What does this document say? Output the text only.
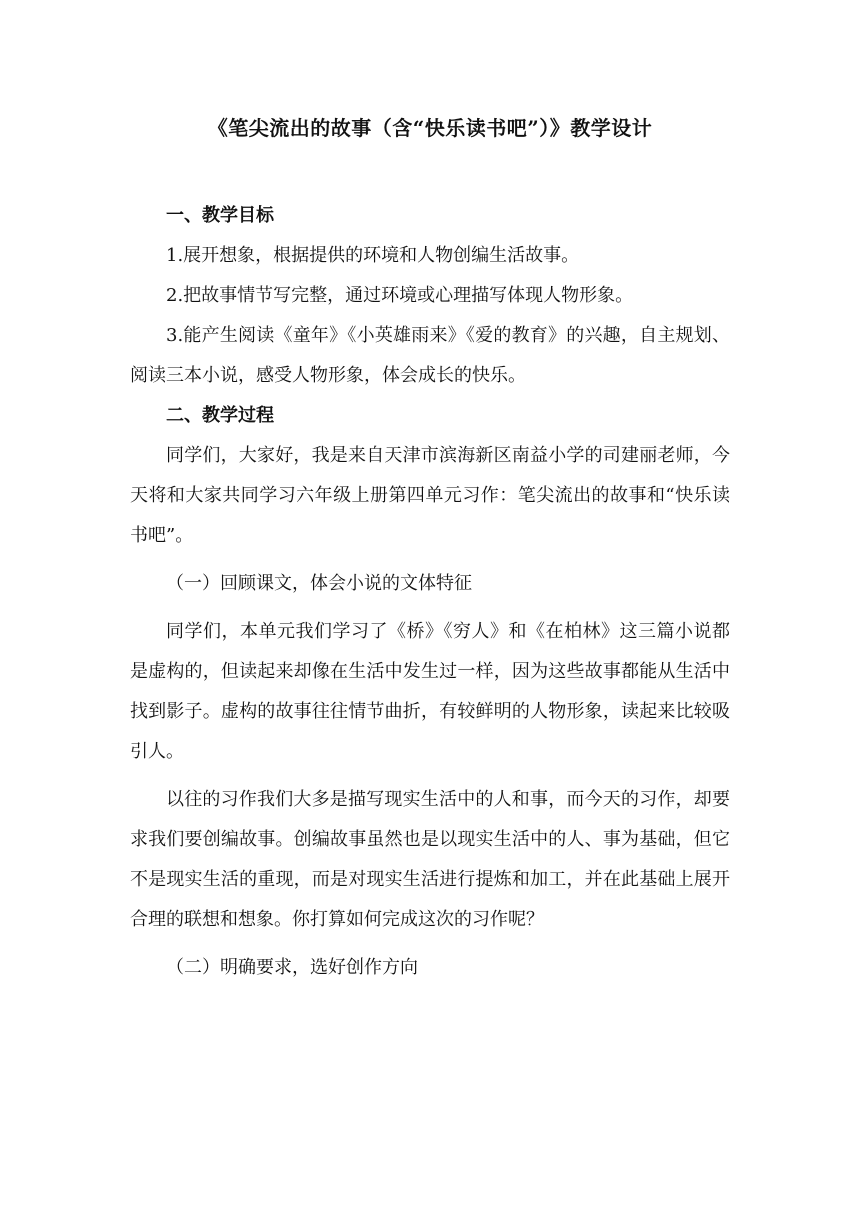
《笔尖流出的故事（含“快乐读书吧”）》教学设计

一、教学目标

1.展开想象，根据提供的环境和人物创编生活故事。

2.把故事情节写完整，通过环境或心理描写体现人物形象。

3.能产生阅读《童年》《小英雄雨来》《爱的教育》的兴趣，自主规划、阅读三本小说，感受人物形象，体会成长的快乐。

二、教学过程

同学们，大家好，我是来自天津市滨海新区南益小学的司建丽老师，今天将和大家共同学习六年级上册第四单元习作：笔尖流出的故事和“快乐读书吧”。

（一）回顾课文，体会小说的文体特征

同学们，本单元我们学习了《桥》《穷人》和《在柏林》这三篇小说都是虚构的，但读起来却像在生活中发生过一样，因为这些故事都能从生活中找到影子。虚构的故事往往情节曲折，有较鲜明的人物形象，读起来比较吸引人。

以往的习作我们大多是描写现实生活中的人和事，而今天的习作，却要求我们要创编故事。创编故事虽然也是以现实生活中的人、事为基础，但它不是现实生活的重现，而是对现实生活进行提炼和加工，并在此基础上展开合理的联想和想象。你打算如何完成这次的习作呢？

（二）明确要求，选好创作方向
